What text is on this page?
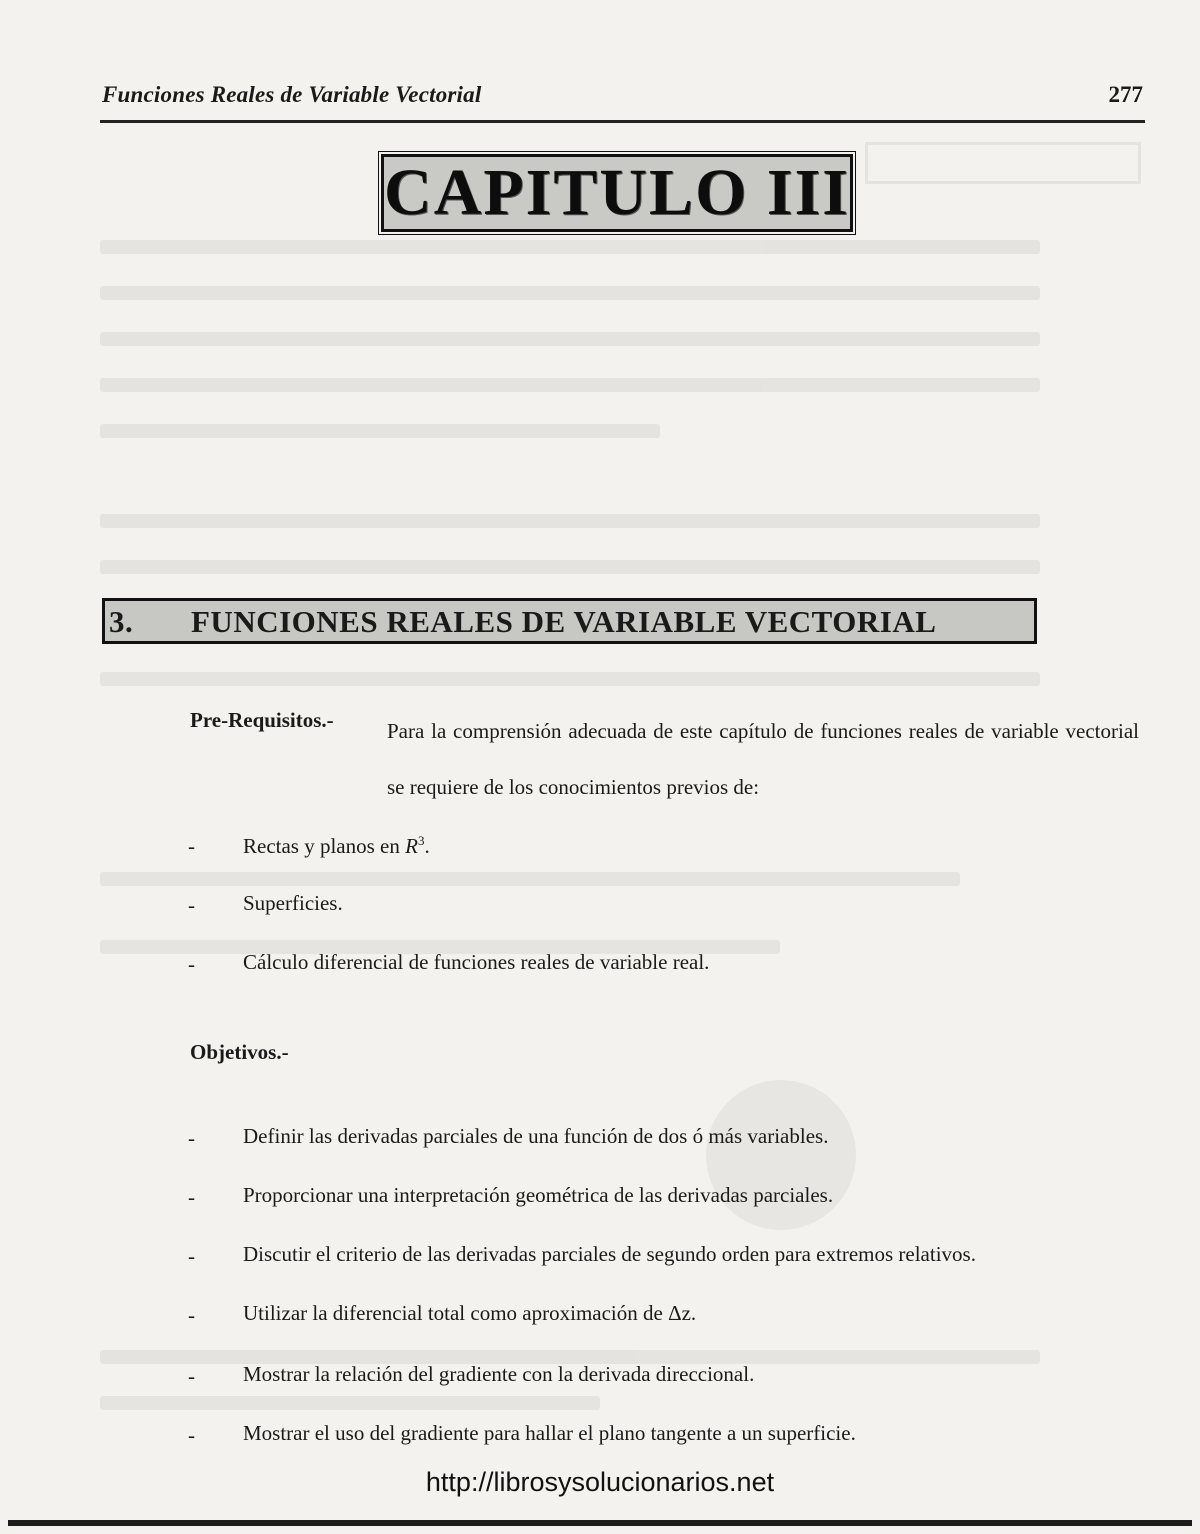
Funciones Reales de Variable Vectorial	277
CAPITULO III
3. FUNCIONES REALES DE VARIABLE VECTORIAL
Pre-Requisitos.-	Para la comprensión adecuada de este capítulo de funciones reales de variable vectorial se requiere de los conocimientos previos de:
- Rectas y planos en $R^3$.
- Superficies.
- Cálculo diferencial de funciones reales de variable real.
Objetivos.-
- Definir las derivadas parciales de una función de dos ó más variables.
- Proporcionar una interpretación geométrica de las derivadas parciales.
- Discutir el criterio de las derivadas parciales de segundo orden para extremos relativos.
- Utilizar la diferencial total como aproximación de Δz.
- Mostrar la relación del gradiente con la derivada direccional.
- Mostrar el uso del gradiente para hallar el plano tangente a un superficie.
http://librosysolucionarios.net
